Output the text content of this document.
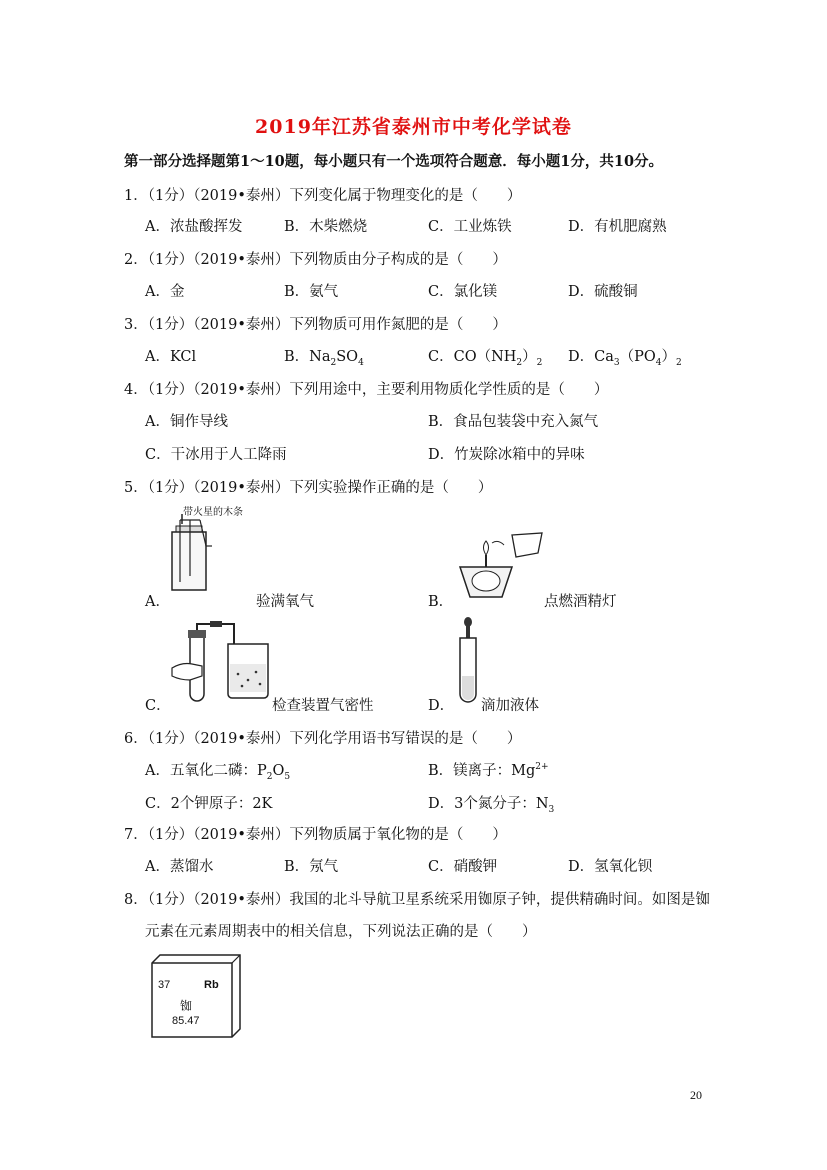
2019年江苏省泰州市中考化学试卷
第一部分选择题第1～10题，每小题只有一个选项符合题意．每小题1分，共10分。
1．（1分）（2019•泰州）下列变化属于物理变化的是（　　）
A．浓盐酸挥发	B．木柴燃烧	C．工业炼铁	D．有机肥腐熟
2．（1分）（2019•泰州）下列物质由分子构成的是（　　）
A．金	B．氨气	C．氯化镁	D．硫酸铜
3．（1分）（2019•泰州）下列物质可用作氮肥的是（　　）
A．KCl	B．$Na_2SO_4$	C．$CO(NH_2)_2$ D．$Ca_3(PO_4)_2$
4．（1分）（2019•泰州）下列用途中，主要利用物质化学性质的是（　　）
A．铜作导线	B．食品包装袋中充入氮气
C．干冰用于人工降雨	D．竹炭除冰箱中的异味
5．（1分）（2019•泰州）下列实验操作正确的是（　　）
带火星的木条
A．	验满氧气	B．	点燃酒精灯
C．	检查装置气密性	D． 滴加液体
6．（1分）（2019•泰州）下列化学用语书写错误的是（　　）
A．五氧化二磷：$P_2O_5$	B．镁离子：$Mg^{2+}$
C．2个钾原子：2K	D．3个氮分子：$N_3$
7．（1分）（2019•泰州）下列物质属于氧化物的是（　　）
A．蒸馏水	B．氖气	C．硝酸钾	D．氢氧化钡
8．（1分）（2019•泰州）我国的北斗导航卫星系统采用铷原子钟，提供精确时间。如图是铷
元素在元素周期表中的相关信息，下列说法正确的是（　　）
37	Rb
铷
85.47
20
